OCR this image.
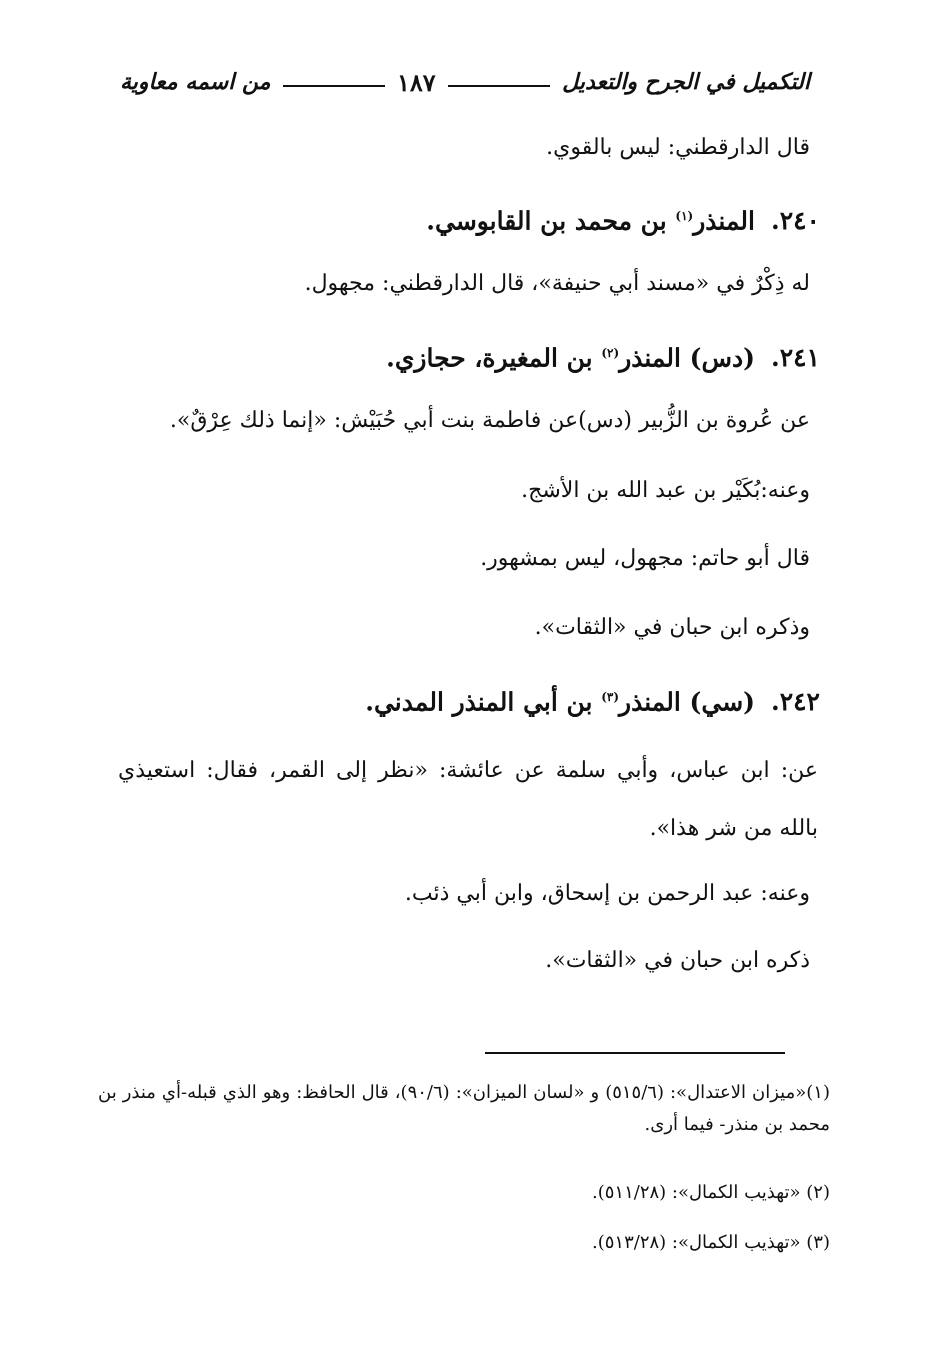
التكميل في الجرح والتعديل
١٨٧
من اسمه معاوية
قال الدارقطني: ليس بالقوي.
٢٤٠.المنذر$^{(١)}$ بن محمد بن القابوسي.
له ذِكْرٌ في «مسند أبي حنيفة»، قال الدارقطني: مجهول.
٢٤١.(دس) المنذر$^{(٢)}$ بن المغيرة، حجازي.
عن عُروة بن الزُّبير (دس)عن فاطمة بنت أبي حُبَيْش: «إنما ذلك عِرْقٌ».
وعنه:بُكَيْر بن عبد الله بن الأشج.
قال أبو حاتم: مجهول، ليس بمشهور.
وذكره ابن حبان في «الثقات».
٢٤٢.(سي) المنذر$^{(٣)}$ بن أبي المنذر المدني.
عن: ابن عباس، وأبي سلمة عن عائشة: «نظر إلى القمر، فقال: استعيذي بالله من شر هذا».
وعنه: عبد الرحمن بن إسحاق، وابن أبي ذئب.
ذكره ابن حبان في «الثقات».
(١)«ميزان الاعتدال»: (٥١٥/٦) و «لسان الميزان»: (٩٠/٦)، قال الحافظ: وهو الذي قبله-أي منذر بن محمد بن منذر- فيما أرى.
(٢) «تهذيب الكمال»: (٥١١/٢٨).
(٣) «تهذيب الكمال»: (٥١٣/٢٨).
